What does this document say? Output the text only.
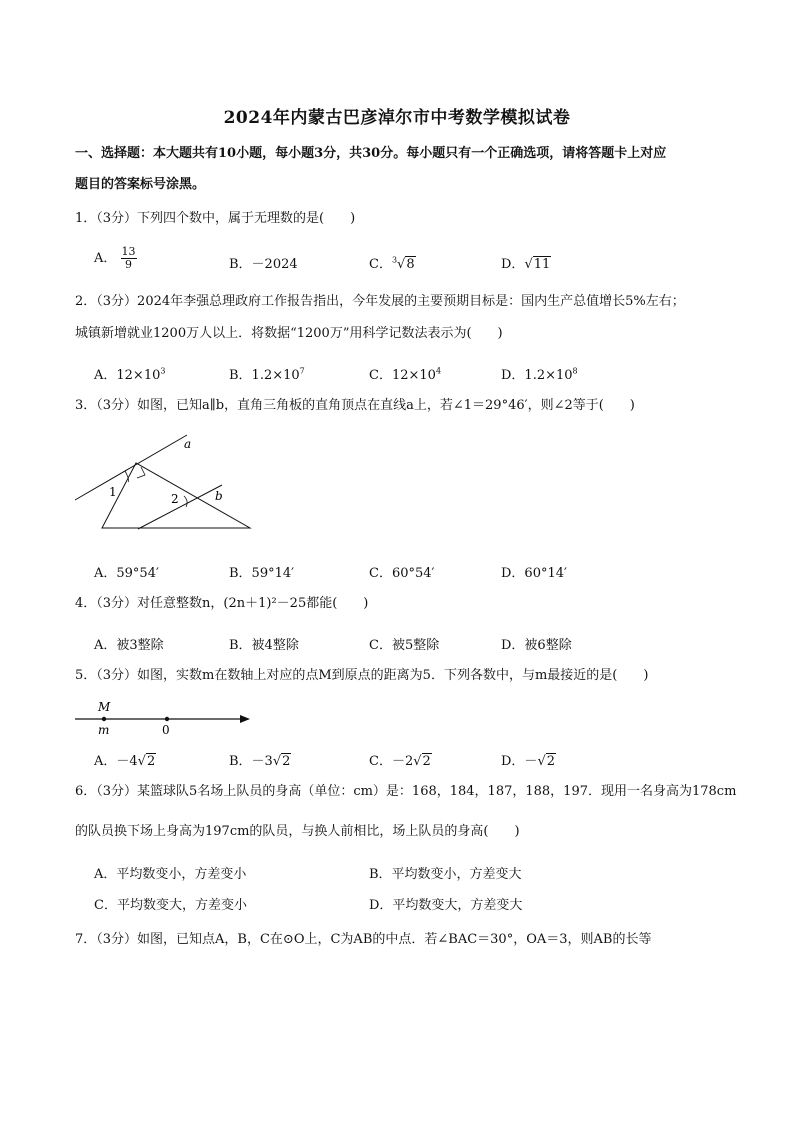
2024年内蒙古巴彦淖尔市中考数学模拟试卷
一、选择题：本大题共有10小题，每小题3分，共30分。每小题只有一个正确选项，请将答题卡上对应
题目的答案标号涂黑。
1．（3分）下列四个数中，属于无理数的是(　　)
A． $\frac{13}{9}$	B．－2024	C．$^3$√8	D．√11
2．（3分）2024年李强总理政府工作报告指出，今年发展的主要预期目标是：国内生产总值增长5%左右；
城镇新增就业1200万人以上．将数据“1200万”用科学记数法表示为(　　)
A．$12\times 10^3$	B．$1.2\times 10^7$	C．$12\times 10^4$	D．$1.2\times 10^8$
3．（3分）如图，已知a∥b，直角三角板的直角顶点在直线a上，若∠1＝29°46′，则∠2等于(　　)
a
b
1	2
A．59°54′	B．59°14′	C．60°54′	D．60°14′
4．（3分）对任意整数n，(2n＋1)²－25都能(　　)
A．被3整除	B．被4整除	C．被5整除	D．被6整除
5．（3分）如图，实数m在数轴上对应的点M到原点的距离为5．下列各数中，与m最接近的是(　　)
M
m	0
A．－4√2	B．－3√2	C．－2√2	D．－√2
6．（3分）某篮球队5名场上队员的身高（单位：cm）是：168，184，187，188，197．现用一名身高为178cm
的队员换下场上身高为197cm的队员，与换人前相比，场上队员的身高(　　)
A．平均数变小，方差变小	B．平均数变小，方差变大
C．平均数变大，方差变小	D．平均数变大，方差变大
7．（3分）如图，已知点A，B，C在⊙O上，C为AB的中点．若∠BAC＝30°，OA＝3，则AB的长等
